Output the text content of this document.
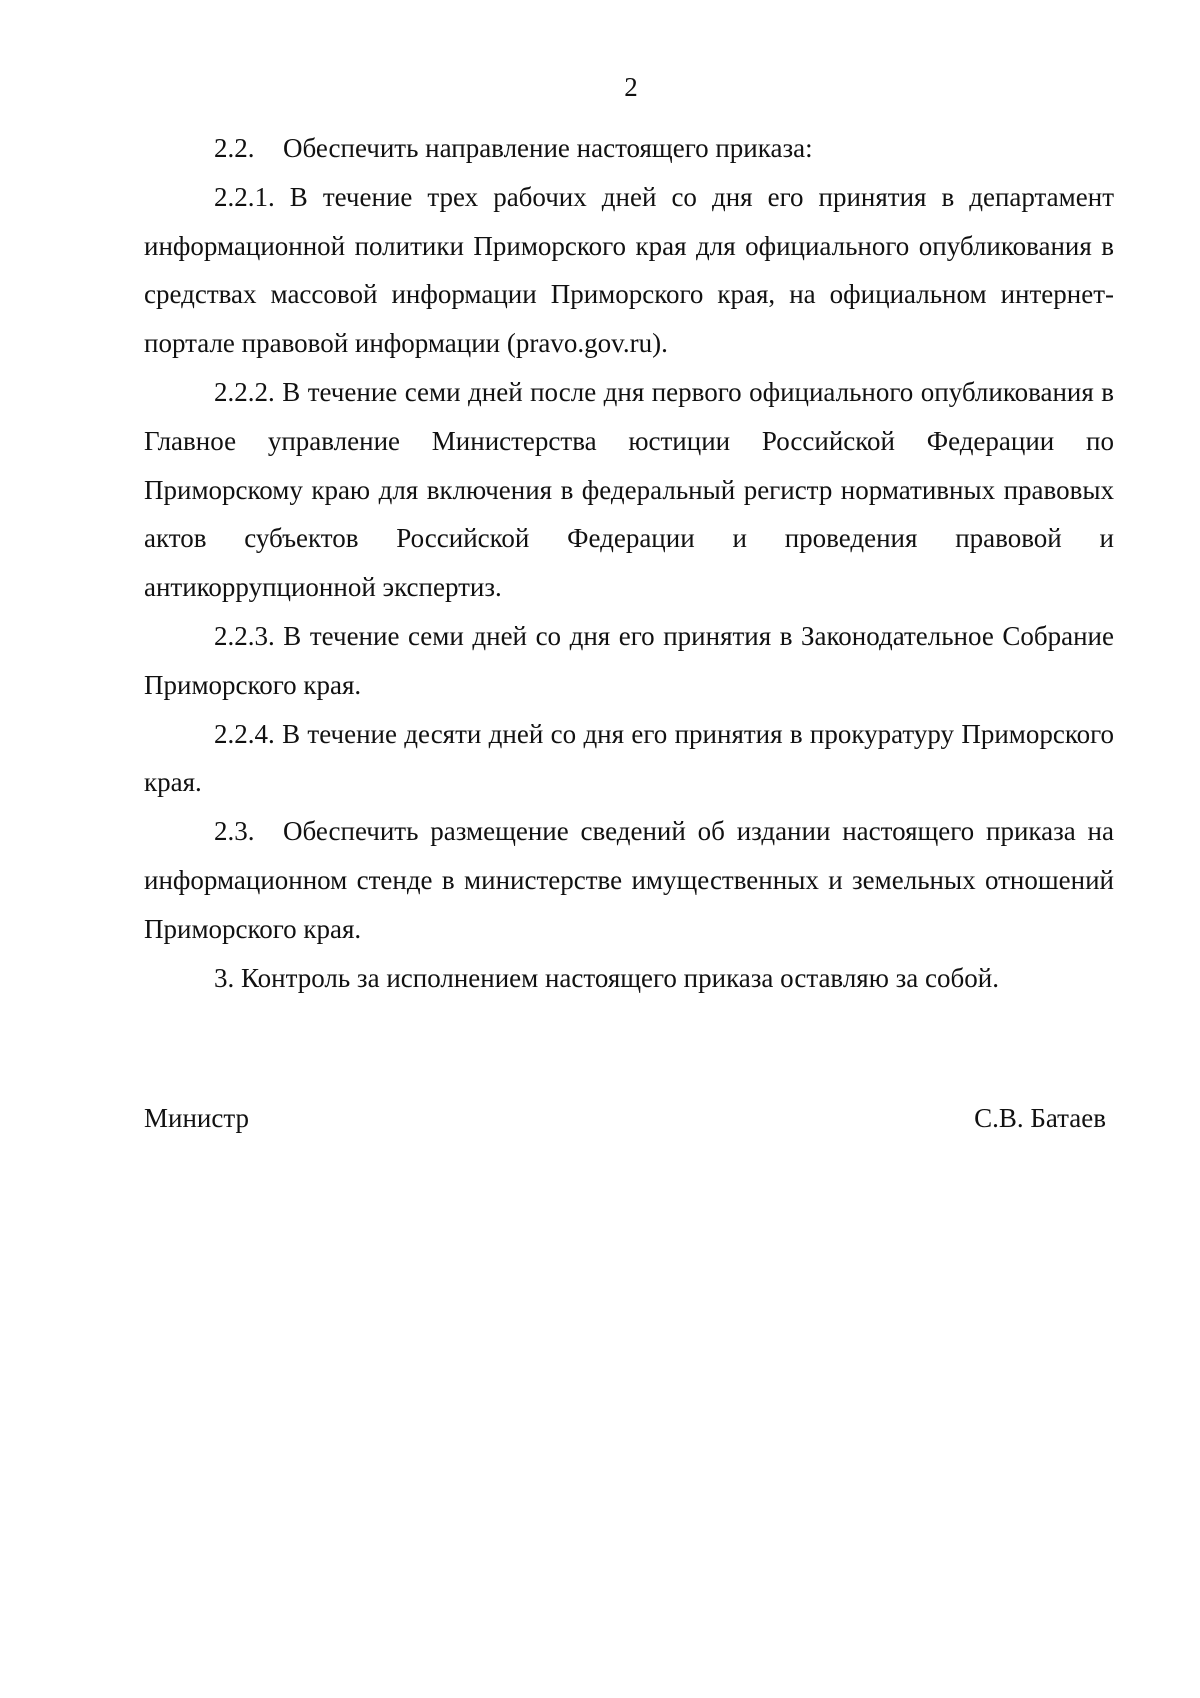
2

2.2. Обеспечить направление настоящего приказа:

2.2.1. В течение трех рабочих дней со дня его принятия в департамент информационной политики Приморского края для официального опубликования в средствах массовой информации Приморского края, на официальном интернет-портале правовой информации (pravo.gov.ru).

2.2.2. В течение семи дней после дня первого официального опубликования в Главное управление Министерства юстиции Российской Федерации по Приморскому краю для включения в федеральный регистр нормативных правовых актов субъектов Российской Федерации и проведения правовой и антикоррупционной экспертиз.

2.2.3. В течение семи дней со дня его принятия в Законодательное Собрание Приморского края.

2.2.4. В течение десяти дней со дня его принятия в прокуратуру Приморского края.

2.3. Обеспечить размещение сведений об издании настоящего приказа на информационном стенде в министерстве имущественных и земельных отношений Приморского края.

3. Контроль за исполнением настоящего приказа оставляю за собой.

Министр	С.В. Батаев
